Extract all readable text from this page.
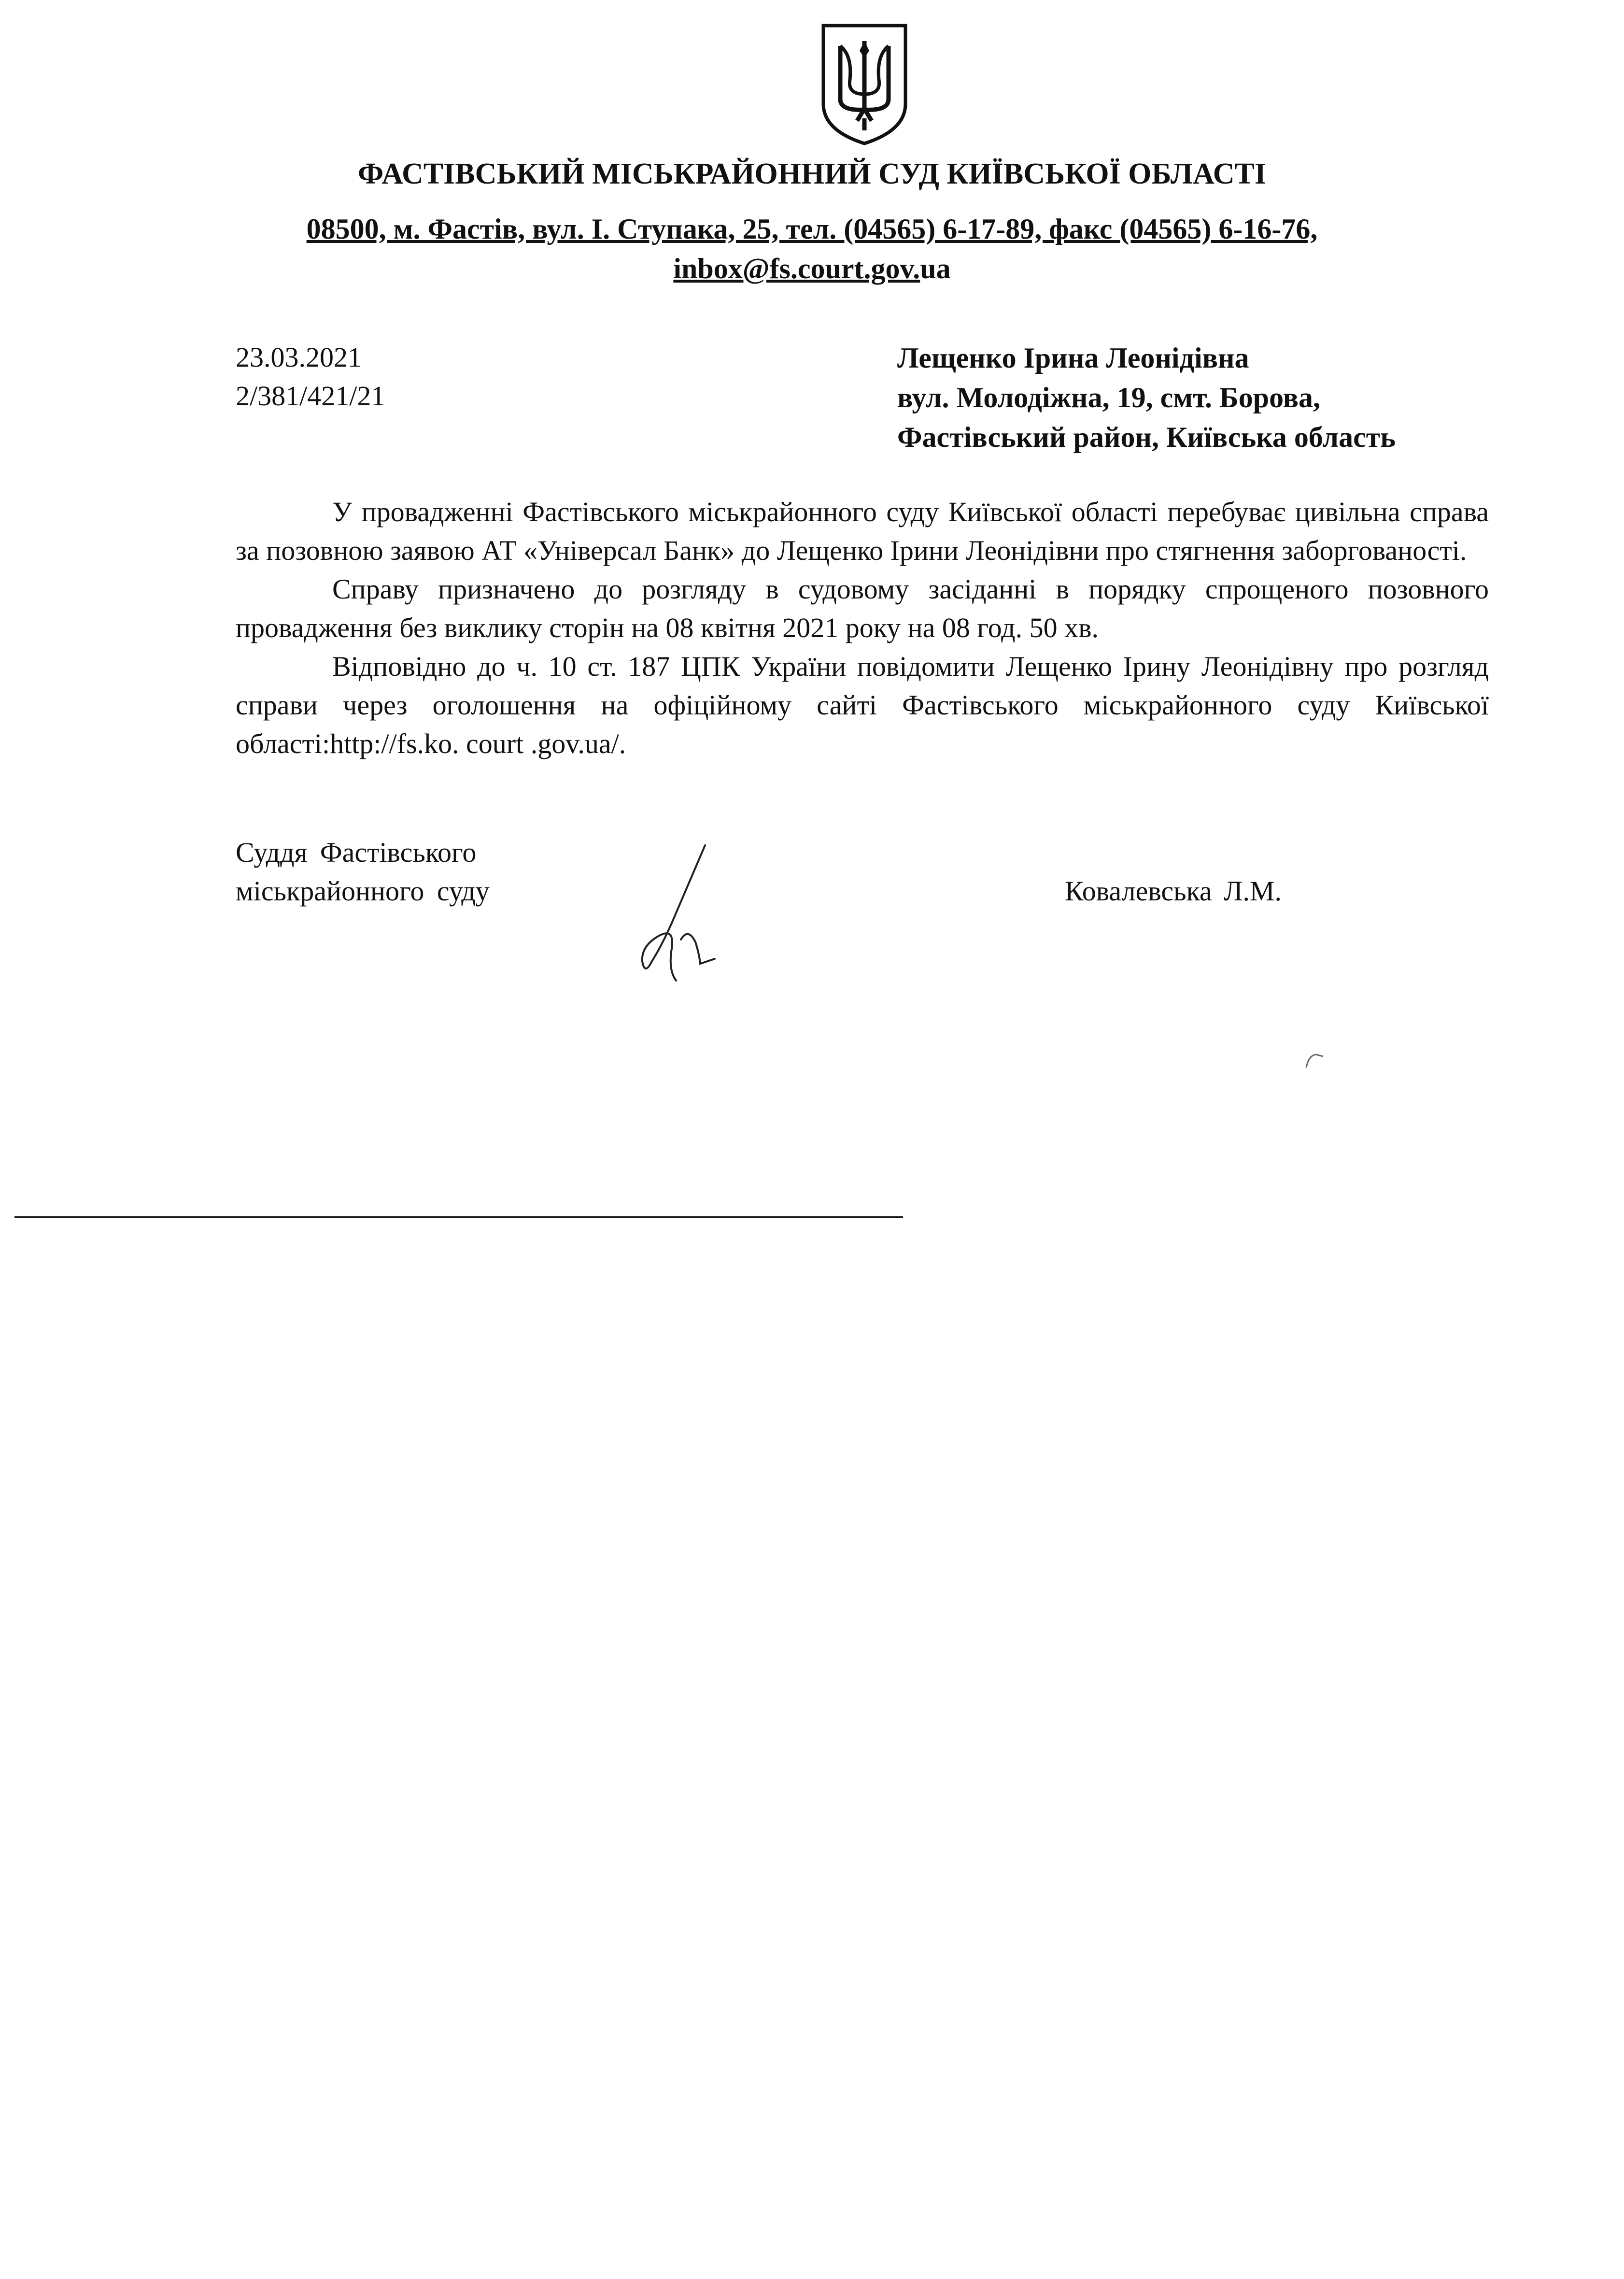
ФАСТІВСЬКИЙ МІСЬКРАЙОННИЙ СУД КИЇВСЬКОЇ ОБЛАСТІ
08500, м. Фастів, вул. І. Ступака, 25, тел. (04565) 6-17-89, факс (04565) 6-16-76,
inbox@fs.court.gov.ua
23.03.2021
2/381/421/21
Лещенко Ірина Леонідівна
вул. Молодіжна, 19, смт. Борова,
Фастівський район, Київська область

У провадженні Фастівського міськрайонного суду Київської області перебуває цивільна справа за позовною заявою АТ «Універсал Банк» до Лещенко Ірини Леонідівни про стягнення заборгованості.

Справу призначено до розгляду в судовому засіданні в порядку спрощеного позовного провадження без виклику сторін на 08 квітня 2021 року на 08 год. 50 хв.

Відповідно до ч. 10 ст. 187 ЦПК України повідомити Лещенко Ірину Леонідівну про розгляд справи через оголошення на офіційному сайті Фастівського міськрайонного суду Київської області:http://fs.ko. court .gov.ua/.

Суддя Фастівського
міськрайонного суду	Ковалевська Л.М.
